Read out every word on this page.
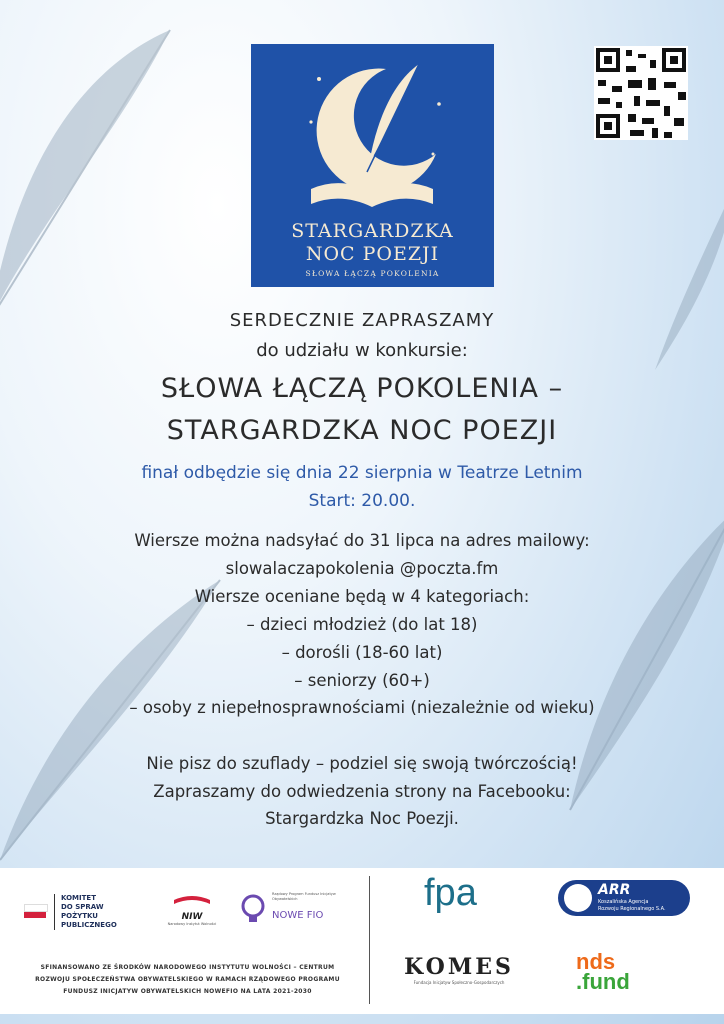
STARGARDZKA
NOC POEZJI
SŁOWA ŁĄCZĄ POKOLENIA
SERDECZNIE ZAPRASZAMY
do udziału w konkursie:
SŁOWA ŁĄCZĄ POKOLENIA –
STARGARDZKA NOC POEZJI
finał odbędzie się dnia 22 sierpnia w Teatrze Letnim
Start: 20.00.
Wiersze można nadsyłać do 31 lipca na adres mailowy:
slowalaczapokolenia @poczta.fm
Wiersze oceniane będą w 4 kategoriach:
– dzieci młodzież (do lat 18)
– dorośli (18-60 lat)
– seniorzy (60+)
– osoby z niepełnosprawnościami (niezależnie od wieku)
Nie pisz do szuflady – podziel się swoją twórczością!
Zapraszamy do odwiedzenia strony na Facebooku:
Stargardzka Noc Poezji.
KOMITET
DO SPRAW
POŻYTKU
PUBLICZNEGO
NIW
Narodowy Instytut Wolności
Rządowy Program Fundusz Inicjatyw Obywatelskich
NOWE FIO
SFINANSOWANO ZE ŚRODKÓW NARODOWEGO INSTYTUTU WOLNOŚCI – CENTRUM
ROZWOJU SPOŁECZEŃSTWA OBYWATELSKIEGO W RAMACH RZĄDOWEGO PROGRAMU
FUNDUSZ INICJATYW OBYWATELSKICH NOWEFIO NA LATA 2021-2030
fpa	ARR
Koszalińska Agencja
Rozwoju Regionalnego S.A.
KOMES
Fundacja Inicjatyw Społeczno-Gospodarczych
nds
.fund
